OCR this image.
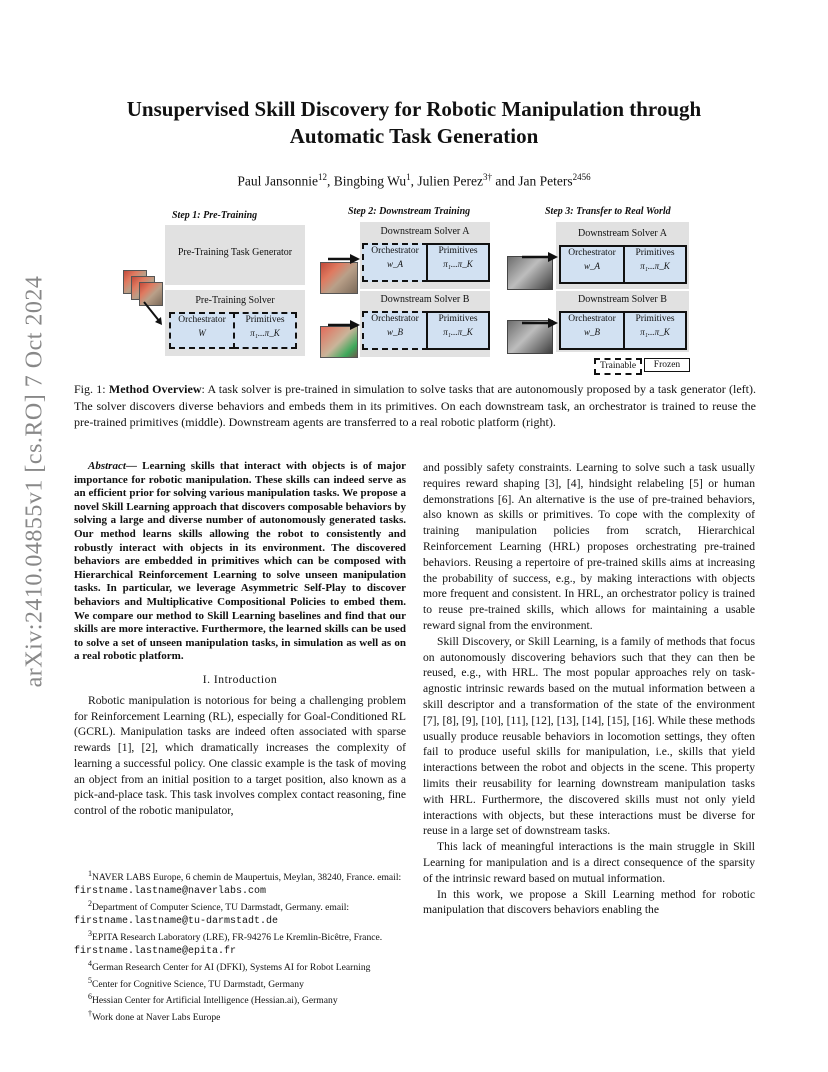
arXiv:2410.04855v1 [cs.RO] 7 Oct 2024
Unsupervised Skill Discovery for Robotic Manipulation through Automatic Task Generation
Paul Jansonnie$^{12}$, Bingbing Wu$^1$, Julien Perez$^{3\dagger}$ and Jan Peters$^{2456}$
Step 1: Pre-Training
Pre-Training Task Generator
Pre-Training Solver
Orchestrator
W
Primitives
π₁...π_K
Step 2: Downstream Training
Downstream Solver A
Orchestrator
w_A
Primitives
π₁...π_K
Downstream Solver B
Orchestrator
w_B
Primitives
π₁...π_K
Step 3: Transfer to Real World
Downstream Solver A
Orchestrator
w_A
Primitives
π₁...π_K
Downstream Solver B
Orchestrator
w_B
Primitives
π₁...π_K
Trainable	Frozen
Fig. 1: Method Overview: A task solver is pre-trained in simulation to solve tasks that are autonomously proposed by a task generator (left). The solver discovers diverse behaviors and embeds them in its primitives. On each downstream task, an orchestrator is trained to reuse the pre-trained primitives (middle). Downstream agents are transferred to a real robotic platform (right).

Abstract— Learning skills that interact with objects is of major importance for robotic manipulation. These skills can indeed serve as an efficient prior for solving various manipulation tasks. We propose a novel Skill Learning approach that discovers composable behaviors by solving a large and diverse number of autonomously generated tasks. Our method learns skills allowing the robot to consistently and robustly interact with objects in its environment. The discovered behaviors are embedded in primitives which can be composed with Hierarchical Reinforcement Learning to solve unseen manipulation tasks. In particular, we leverage Asymmetric Self-Play to discover behaviors and Multiplicative Compositional Policies to embed them. We compare our method to Skill Learning baselines and find that our skills are more interactive. Furthermore, the learned skills can be used to solve a set of unseen manipulation tasks, in simulation as well as on a real robotic platform.

I. Introduction

Robotic manipulation is notorious for being a challenging problem for Reinforcement Learning (RL), especially for Goal-Conditioned RL (GCRL). Manipulation tasks are indeed often associated with sparse rewards [1], [2], which dramatically increases the complexity of learning a successful policy. One classic example is the task of moving an object from an initial position to a target position, also known as a pick-and-place task. This task involves complex contact reasoning, fine control of the robotic manipulator,

$^1$NAVER LABS Europe, 6 chemin de Maupertuis, Meylan, 38240, France. email: firstname.lastname@naverlabs.com

$^2$Department of Computer Science, TU Darmstadt, Germany. email: firstname.lastname@tu-darmstadt.de

$^3$EPITA Research Laboratory (LRE), FR-94276 Le Kremlin-Bicêtre, France. firstname.lastname@epita.fr

$^4$German Research Center for AI (DFKI), Systems AI for Robot Learning

$^5$Center for Cognitive Science, TU Darmstadt, Germany

$^6$Hessian Center for Artificial Intelligence (Hessian.ai), Germany

†Work done at Naver Labs Europe

and possibly safety constraints. Learning to solve such a task usually requires reward shaping [3], [4], hindsight relabeling [5] or human demonstrations [6]. An alternative is the use of pre-trained behaviors, also known as skills or primitives. To cope with the complexity of training manipulation policies from scratch, Hierarchical Reinforcement Learning (HRL) proposes orchestrating pre-trained behaviors. Reusing a repertoire of pre-trained skills aims at increasing the probability of success, e.g., by making interactions with objects more frequent and consistent. In HRL, an orchestrator policy is trained to reuse pre-trained skills, which allows for maintaining a usable reward signal from the environment.

Skill Discovery, or Skill Learning, is a family of methods that focus on autonomously discovering behaviors such that they can then be reused, e.g., with HRL. The most popular approaches rely on task-agnostic intrinsic rewards based on the mutual information between a skill descriptor and a transformation of the state of the environment [7], [8], [9], [10], [11], [12], [13], [14], [15], [16]. While these methods usually produce reusable behaviors in locomotion settings, they often fail to produce useful skills for manipulation, i.e., skills that yield interactions between the robot and objects in the scene. This property limits their reusability for learning downstream manipulation tasks with HRL. Furthermore, the discovered skills must not only yield interactions with objects, but these interactions must be diverse for reuse in a large set of downstream tasks.

This lack of meaningful interactions is the main struggle in Skill Learning for manipulation and is a direct consequence of the sparsity of the intrinsic reward based on mutual information.

In this work, we propose a Skill Learning method for robotic manipulation that discovers behaviors enabling the
